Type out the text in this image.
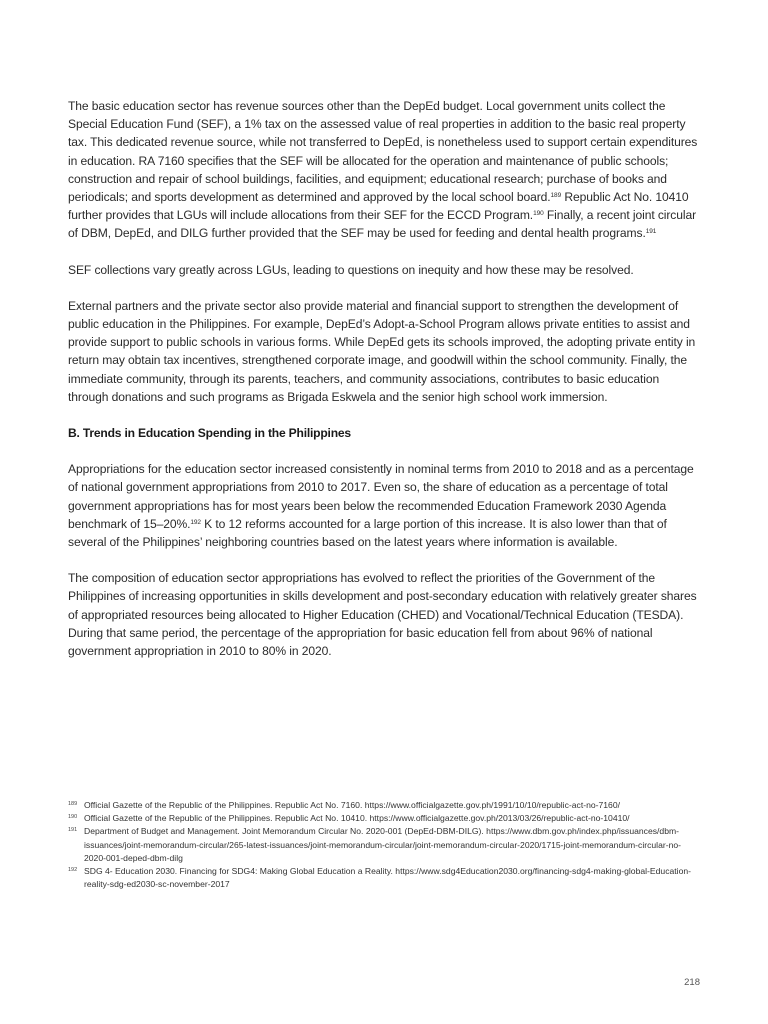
The basic education sector has revenue sources other than the DepEd budget. Local government units collect the Special Education Fund (SEF), a 1% tax on the assessed value of real properties in addition to the basic real property tax. This dedicated revenue source, while not transferred to DepEd, is nonetheless used to support certain expenditures in education. RA 7160 specifies that the SEF will be allocated for the operation and maintenance of public schools; construction and repair of school buildings, facilities, and equipment; educational research; purchase of books and periodicals; and sports development as determined and approved by the local school board.$^{189}$ Republic Act No. 10410 further provides that LGUs will include allocations from their SEF for the ECCD Program.$^{190}$ Finally, a recent joint circular of DBM, DepEd, and DILG further provided that the SEF may be used for feeding and dental health programs.$^{191}$

SEF collections vary greatly across LGUs, leading to questions on inequity and how these may be resolved.

External partners and the private sector also provide material and financial support to strengthen the development of public education in the Philippines. For example, DepEd’s Adopt-a-School Program allows private entities to assist and provide support to public schools in various forms. While DepEd gets its schools improved, the adopting private entity in return may obtain tax incentives, strengthened corporate image, and goodwill within the school community. Finally, the immediate community, through its parents, teachers, and community associations, contributes to basic education through donations and such programs as Brigada Eskwela and the senior high school work immersion.

B. Trends in Education Spending in the Philippines

Appropriations for the education sector increased consistently in nominal terms from 2010 to 2018 and as a percentage of national government appropriations from 2010 to 2017. Even so, the share of education as a percentage of total government appropriations has for most years been below the recommended Education Framework 2030 Agenda benchmark of 15–20%.$^{192}$ K to 12 reforms accounted for a large portion of this increase. It is also lower than that of several of the Philippines’ neighboring countries based on the latest years where information is available.

The composition of education sector appropriations has evolved to reflect the priorities of the Government of the Philippines of increasing opportunities in skills development and post-secondary education with relatively greater shares of appropriated resources being allocated to Higher Education (CHED) and Vocational/Technical Education (TESDA). During that same period, the percentage of the appropriation for basic education fell from about 96% of national government appropriation in 2010 to 80% in 2020.

189 Official Gazette of the Republic of the Philippines. Republic Act No. 7160. https://www.officialgazette.gov.ph/1991/10/10/republic-act-no-7160/
190 Official Gazette of the Republic of the Philippines. Republic Act No. 10410. https://www.officialgazette.gov.ph/2013/03/26/republic-act-no-10410/
191 Department of Budget and Management. Joint Memorandum Circular No. 2020-001 (DepEd-DBM-DILG). https://www.dbm.gov.ph/index.php/issuances/dbm-issuances/joint-memorandum-circular/265-latest-issuances/joint-memorandum-circular/joint-memorandum-circular-2020/1715-joint-memorandum-circular-no-2020-001-deped-dbm-dilg
192 SDG 4- Education 2030. Financing for SDG4: Making Global Education a Reality. https://www.sdg4Education2030.org/financing-sdg4-making-global-Education-reality-sdg-ed2030-sc-november-2017
218
